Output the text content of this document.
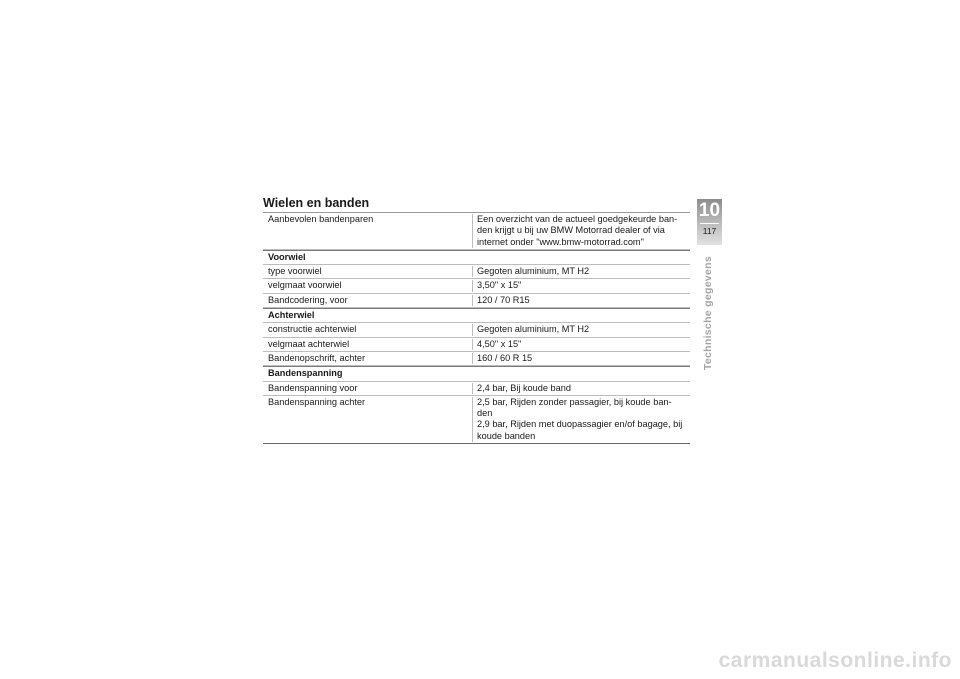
Wielen en banden
Aanbevolen bandenparen	Een overzicht van de actueel goedgekeurde ban-den krijgt u bij uw BMW Motorrad dealer of via internet onder "www.bmw-motorrad.com"
Voorwiel
type voorwiel	Gegoten aluminium, MT H2
velgmaat voorwiel	3,50" x 15"
Bandcodering, voor	120 / 70 R15
Achterwiel
constructie achterwiel	Gegoten aluminium, MT H2
velgmaat achterwiel	4,50" x 15"
Bandenopschrift, achter	160 / 60 R 15
Bandenspanning
Bandenspanning voor	2,4 bar, Bij koude band
Bandenspanning achter	2,5 bar, Rijden zonder passagier, bij koude ban-den
2,9 bar, Rijden met duopassagier en/of bagage, bij koude banden
10
117
Technische gegevens
carmanualsonline.info
